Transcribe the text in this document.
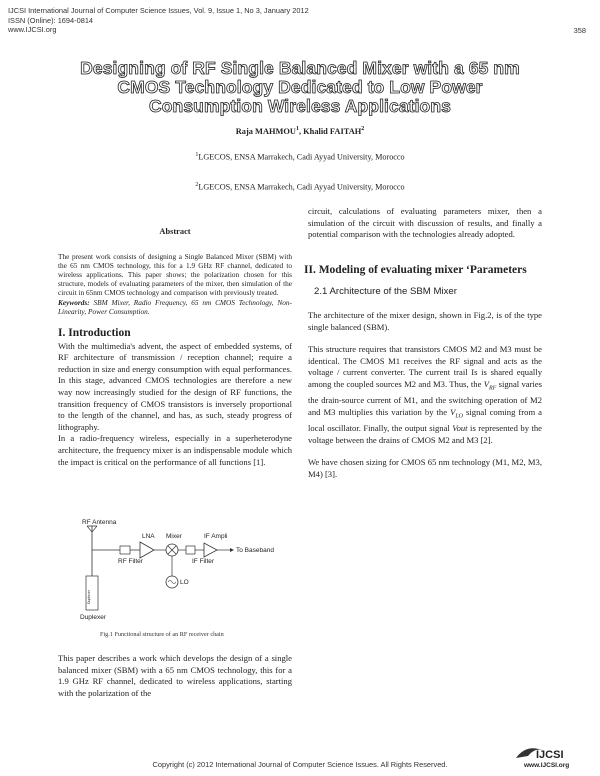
IJCSI International Journal of Computer Science Issues, Vol. 9, Issue 1, No 3, January 2012
ISSN (Online): 1694-0814
www.IJCSI.org	358
Designing of RF Single Balanced Mixer with a 65 nm
CMOS Technology Dedicated to Low Power
Consumption Wireless Applications
Raja MAHMOU$^1$, Khalid FAITAH$^2$
$^1$LGECOS, ENSA Marrakech, Cadi Ayyad University, Morocco
$^2$LGECOS, ENSA Marrakech, Cadi Ayyad University, Morocco
Abstract

The present work consists of designing a Single Balanced Mixer (SBM) with the 65 nm CMOS technology, this for a 1.9 GHz RF channel, dedicated to wireless applications. This paper shows; the polarization chosen for this structure, models of evaluating parameters of the mixer, then simulation of the circuit in 65nm CMOS technology and comparison with previously treated.

Keywords: SBM Mixer, Radio Frequency, 65 nm CMOS Technology, Non-Linearity, Power Consumption.

I. Introduction

With the multimedia's advent, the aspect of embedded systems, of RF architecture of transmission / reception channel; require a reduction in size and energy consumption with equal performances. In this stage, advanced CMOS technologies are therefore a new way now increasingly studied for the design of RF functions, the transition frequency of CMOS transistors is inversely proportional to the length of the channel, and has, as such, steady progress of lithography.

In a radio-frequency wireless, especially in a superheterodyne architecture, the frequency mixer is an indispensable module which the impact is critical on the performance of all functions [1].

RF Antenna
RF Filter
LNA Mixer
IF Filter
IF Ampli
To Baseband
LO
Duplexer
Duplexer
Fig.1 Functional structure of an RF receiver chain

This paper describes a work which develops the design of a single balanced mixer (SBM) with a 65 nm CMOS technology, this for a 1.9 GHz RF channel, dedicated to wireless applications, starting with the polarization of the

circuit, calculations of evaluating parameters mixer, then a simulation of the circuit with discussion of results, and finally a potential comparison with the technologies already adopted.

II. Modeling of evaluating mixer ‘Parameters
2.1 Architecture of the SBM Mixer

The architecture of the mixer design, shown in Fig.2, is of the type single balanced (SBM).

This structure requires that transistors CMOS M2 and M3 must be identical. The CMOS M1 receives the RF signal and acts as the voltage / current converter. The current trail Is is shared equally among the coupled sources M2 and M3. Thus, the $V_{RF}$ signal varies the drain-source current of M1, and the switching operation of M2 and M3 multiplies this variation by the $V_{LO}$ signal coming from a local oscillator. Finally, the output signal Vout is represented by the voltage between the drains of CMOS M2 and M3 [2].

We have chosen sizing for CMOS 65 nm technology (M1, M2, M3, M4) [3].

IJCSI
www.IJCSI.org
Copyright (c) 2012 International Journal of Computer Science Issues. All Rights Reserved.
